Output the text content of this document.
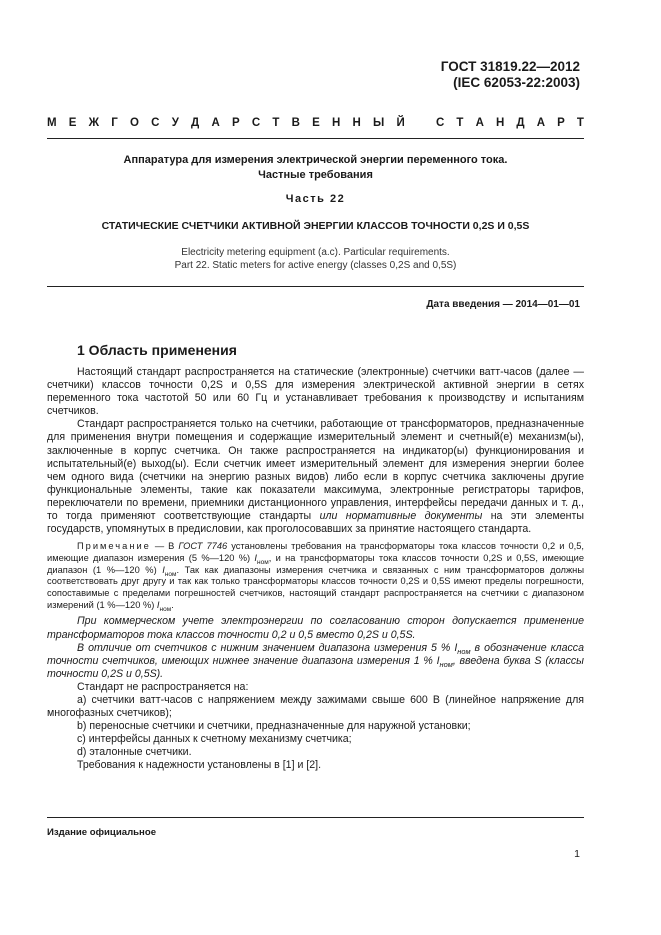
ГОСТ 31819.22—2012
(IEC 62053-22:2003)
М Е Ж Г О С У Д А Р С Т В Е Н Н Ы Й	С Т А Н Д А Р Т
Аппаратура для измерения электрической энергии переменного тока.
Частные требования
Часть 22
СТАТИЧЕСКИЕ СЧЕТЧИКИ АКТИВНОЙ ЭНЕРГИИ КЛАССОВ ТОЧНОСТИ 0,2S И 0,5S
Electricity metering equipment (a.c). Particular requirements.
Part 22. Static meters for active energy (classes 0,2S and 0,5S)
Дата введения — 2014—01—01
1 Область применения

Настоящий стандарт распространяется на статические (электронные) счетчики ватт-часов (далее — счетчики) классов точности 0,2S и 0,5S для измерения электрической активной энергии в сетях переменного тока частотой 50 или 60 Гц и устанавливает требования к производству и испытаниям счетчиков.

Стандарт распространяется только на счетчики, работающие от трансформаторов, предназначенные для применения внутри помещения и содержащие измерительный элемент и счетный(е) механизм(ы), заключенные в корпус счетчика. Он также распространяется на индикатор(ы) функционирования и испытательный(е) выход(ы). Если счетчик имеет измерительный элемент для измерения энергии более чем одного вида (счетчики на энергию разных видов) либо если в корпус счетчика заключены другие функциональные элементы, такие как показатели максимума, электронные регистраторы тарифов, переключатели по времени, приемники дистанционного управления, интерфейсы передачи данных и т. д., то тогда применяют соответствующие стандарты или нормативные документы на эти элементы государств, упомянутых в предисловии, как проголосовавших за принятие настоящего стандарта.

Примечание — В ГОСТ 7746 установлены требования на трансформаторы тока классов точности 0,2 и 0,5, имеющие диапазон измерения (5 %—120 %) $I_{ном}$, и на трансформаторы тока классов точности 0,2S и 0,5S, имеющие диапазон (1 %—120 %) $I_{ном}$. Так как диапазоны измерения счетчика и связанных с ним трансформаторов должны соответствовать друг другу и так как только трансформаторы классов точности 0,2S и 0,5S имеют пределы погрешности, сопоставимые с пределами погрешностей счетчиков, настоящий стандарт распространяется на счетчики с диапазоном измерений (1 %—120 %) $I_{ном}$.

При коммерческом учете электроэнергии по согласованию сторон допускается применение трансформаторов тока классов точности 0,2 и 0,5 вместо 0,2S и 0,5S.

В отличие от счетчиков с нижним значением диапазона измерения 5 % $I_{ном}$ в обозначение класса точности счетчиков, имеющих нижнее значение диапазона измерения 1 % $I_{ном}$, введена буква S (классы точности 0,2S и 0,5S).

Стандарт не распространяется на:

а) счетчики ватт-часов с напряжением между зажимами свыше 600 В (линейное напряжение для многофазных счетчиков);

b) переносные счетчики и счетчики, предназначенные для наружной установки;

c) интерфейсы данных к счетному механизму счетчика;

d) эталонные счетчики.

Требования к надежности установлены в [1] и [2].

Издание официальное
1
